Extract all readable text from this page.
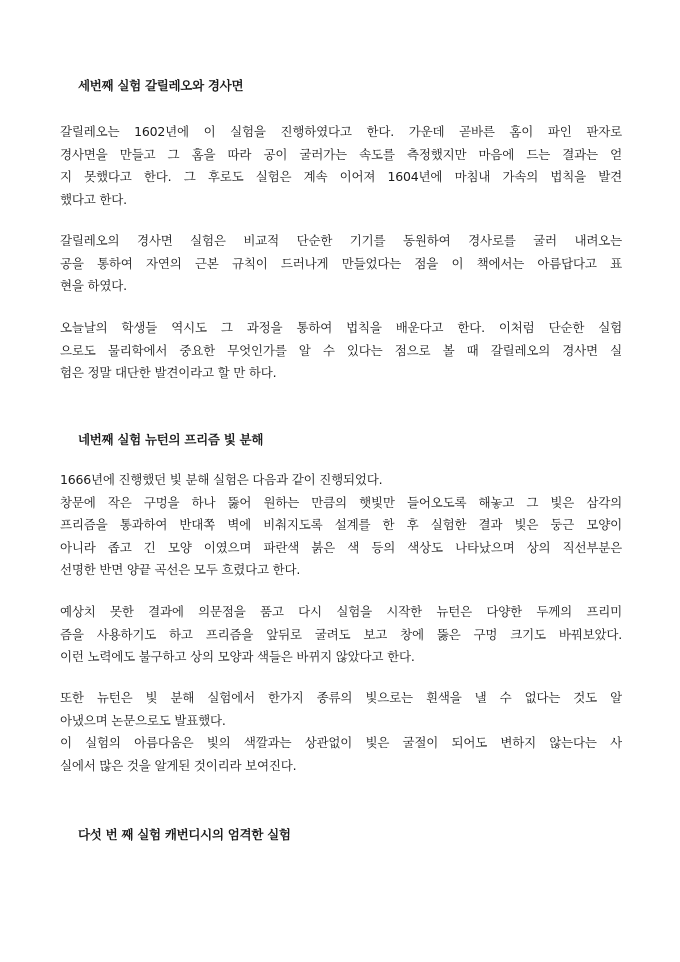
세번째 실험 갈릴레오와 경사면
갈릴레오는 1602년에 이 실험을 진행하였다고 한다. 가운데 곧바른 홈이 파인 판자로
경사면을 만들고 그 홈을 따라 공이 굴러가는 속도를 측정했지만 마음에 드는 결과는 얻
지 못했다고 한다. 그 후로도 실험은 계속 이어져 1604년에 마침내 가속의 법칙을 발견
했다고 한다.
갈릴레오의 경사면 실험은 비교적 단순한 기기를 동원하여 경사로를 굴러 내려오는
공을 통하여 자연의 근본 규칙이 드러나게 만들었다는 점을 이 책에서는 아름답다고 표
현을 하였다.
오늘날의 학생들 역시도 그 과정을 통하여 법칙을 배운다고 한다. 이처럼 단순한 실험
으로도 물리학에서 중요한 무엇인가를 알 수 있다는 점으로 볼 때 갈릴레오의 경사면 실
험은 정말 대단한 발견이라고 할 만 하다.
네번째 실험 뉴턴의 프리즘 빛 분해
1666년에 진행했던 빛 분해 실험은 다음과 같이 진행되었다.
창문에 작은 구멍을 하나 뚫어 원하는 만큼의 햇빛만 들어오도록 해놓고 그 빛은 삼각의
프리즘을 통과하여 반대쪽 벽에 비춰지도록 설계를 한 후 실험한 결과 빛은 둥근 모양이
아니라 좁고 긴 모양 이였으며 파란색 붉은 색 등의 색상도 나타났으며 상의 직선부분은
선명한 반면 양끝 곡선은 모두 흐렸다고 한다.
예상치 못한 결과에 의문점을 품고 다시 실험을 시작한 뉴턴은 다양한 두께의 프리미
즘을 사용하기도 하고 프리즘을 앞뒤로 굴려도 보고 창에 뚫은 구멍 크기도 바꿔보았다.
이런 노력에도 불구하고 상의 모양과 색들은 바뀌지 않았다고 한다.
또한 뉴턴은 빛 분해 실험에서 한가지 종류의 빛으로는 흰색을 낼 수 없다는 것도 알
아냈으며 논문으로도 발표했다.
이 실험의 아름다움은 빛의 색깔과는 상관없이 빛은 굴절이 되어도 변하지 않는다는 사
실에서 많은 것을 알게된 것이리라 보여진다.
다섯 번 째 실험 캐번디시의 엄격한 실험
